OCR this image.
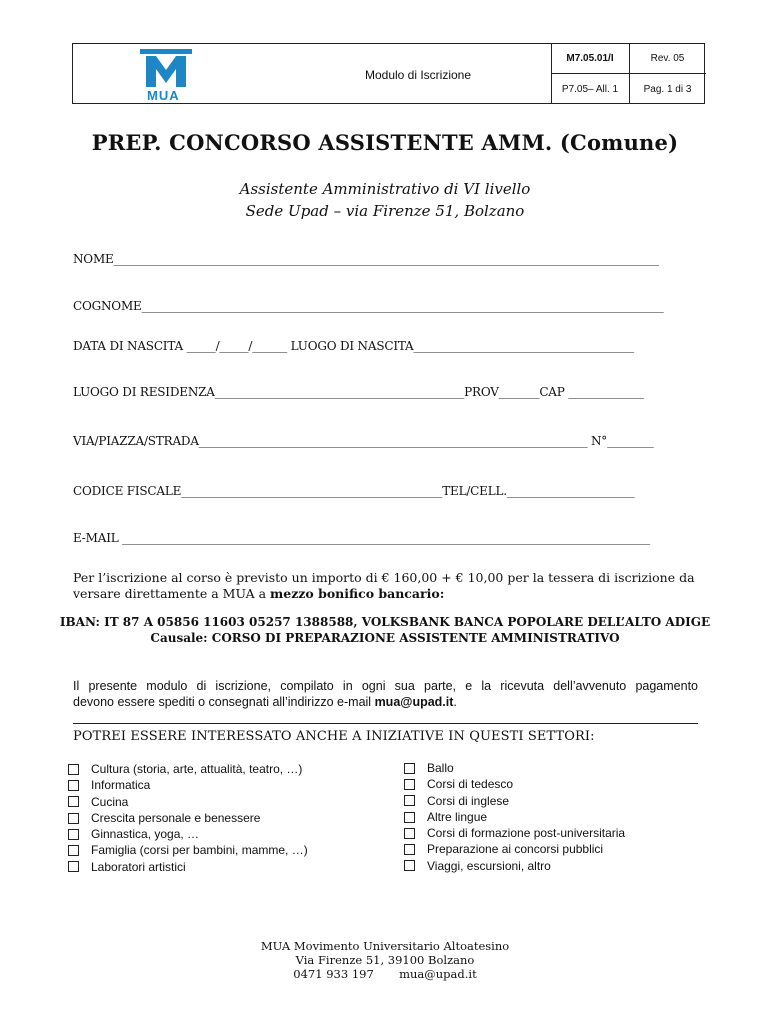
MUA
Modulo di Iscrizione
M7.05.01/I	Rev. 05
P7.05– All. 1	Pag. 1 di 3
PREP. CONCORSO ASSISTENTE AMM. (Comune)
Assistente Amministrativo di VI livello
Sede Upad – via Firenze 51, Bolzano
NOME______________________________________________________________________________________________
COGNOME__________________________________________________________________________________________
DATA DI NASCITA _____/_____/______ LUOGO DI NASCITA______________________________________
LUOGO DI RESIDENZA___________________________________________PROV_______CAP _____________
VIA/PIAZZA/STRADA___________________________________________________________________ N°________
CODICE FISCALE_____________________________________________TEL/CELL.______________________
E-MAIL ___________________________________________________________________________________________
Per l’iscrizione al corso è previsto un importo di € 160,00 + € 10,00 per la tessera di iscrizione da
versare direttamente a MUA a mezzo bonifico bancario:
IBAN: IT 87 A 05856 11603 05257 1388588, VOLKSBANK BANCA POPOLARE DELL’ALTO ADIGE
Causale: CORSO DI PREPARAZIONE ASSISTENTE AMMINISTRATIVO
Il presente modulo di iscrizione, compilato in ogni sua parte, e la ricevuta dell’avvenuto pagamento
devono essere spediti o consegnati all’indirizzo e-mail mua@upad.it.
POTREI ESSERE INTERESSATO ANCHE A INIZIATIVE IN QUESTI SETTORI:
Cultura (storia, arte, attualità, teatro, …)
Informatica
Cucina
Crescita personale e benessere
Ginnastica, yoga, …
Famiglia (corsi per bambini, mamme, …)
Laboratori artistici
Ballo
Corsi di tedesco
Corsi di inglese
Altre lingue
Corsi di formazione post-universitaria
Preparazione ai concorsi pubblici
Viaggi, escursioni, altro
MUA Movimento Universitario Altoatesino
Via Firenze 51, 39100 Bolzano
0471 933 197 mua@upad.it
